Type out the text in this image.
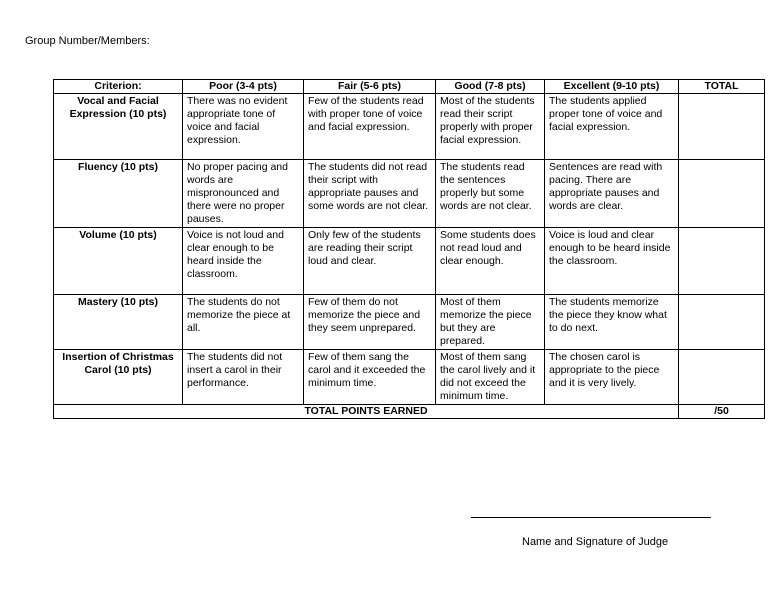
Group Number/Members:
Criterion:	Poor (3-4 pts)	Fair (5-6 pts)	Good (7-8 pts)	Excellent (9-10 pts)	TOTAL
Vocal and Facial Expression (10 pts)	There was no evident appropriate tone of voice and facial expression.	Few of the students read with proper tone of voice and facial expression.	Most of the students read their script properly with proper facial expression.	The students applied proper tone of voice and facial expression.	
Fluency (10 pts)	No proper pacing and words are mispronounced and there were no proper pauses.	The students did not read their script with appropriate pauses and some words are not clear.	The students read the sentences properly but some words are not clear.	Sentences are read with pacing. There are appropriate pauses and words are clear.	
Volume (10 pts)	Voice is not loud and clear enough to be heard inside the classroom.	Only few of the students are reading their script loud and clear.	Some students does not read loud and clear enough.	Voice is loud and clear enough to be heard inside the classroom.	
Mastery (10 pts)	The students do not memorize the piece at all.	Few of them do not memorize the piece and they seem unprepared.	Most of them memorize the piece but they are prepared.	The students memorize the piece they know what to do next.	
Insertion of Christmas Carol (10 pts)	The students did not insert a carol in their performance.	Few of them sang the carol and it exceeded the minimum time.	Most of them sang the carol lively and it did not exceed the minimum time.	The chosen carol is appropriate to the piece and it is very lively.	
TOTAL POINTS EARNED					/50
Name and Signature of Judge
